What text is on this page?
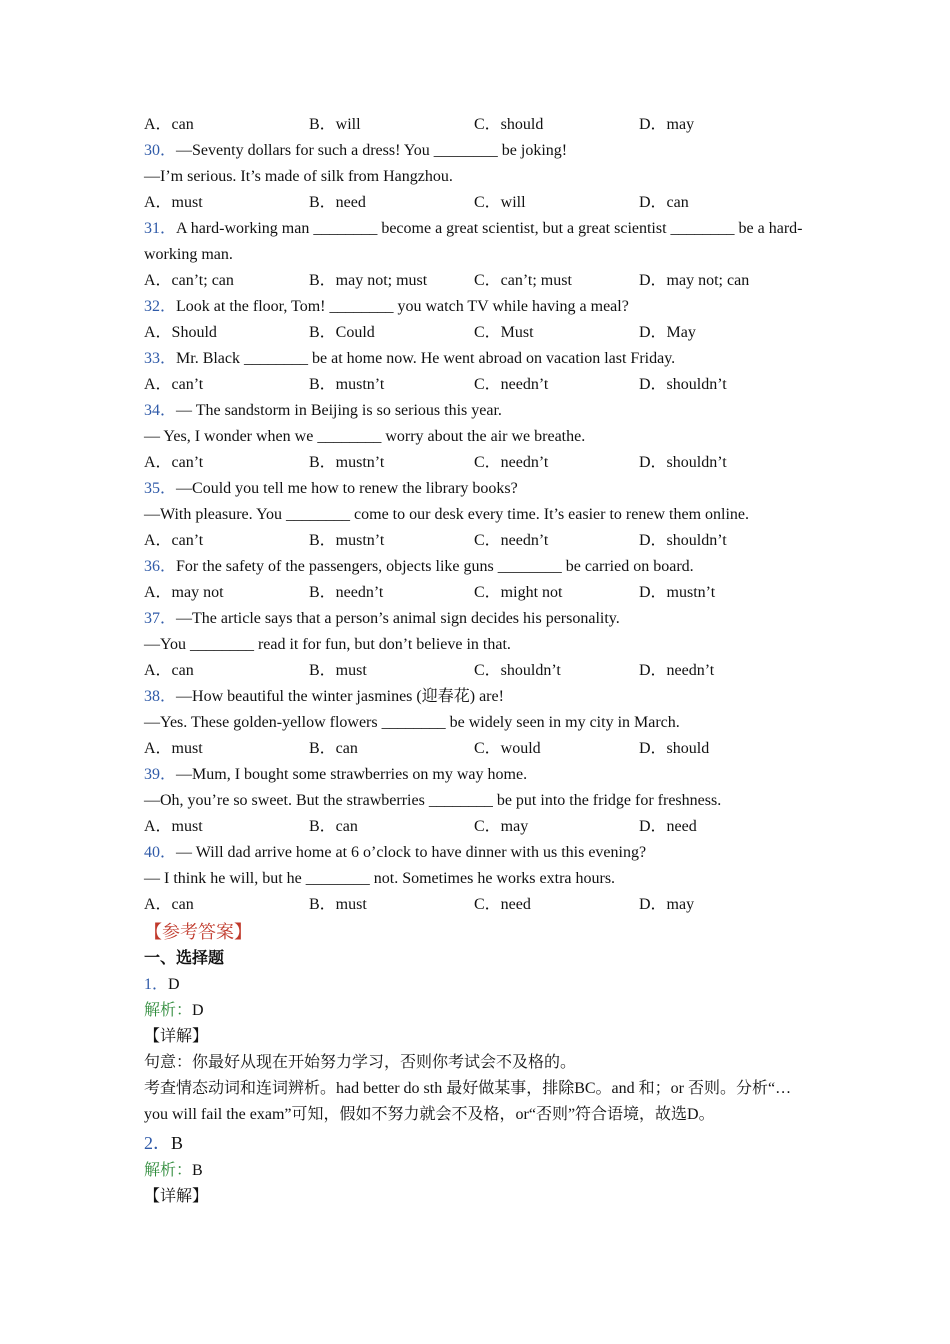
A．can	B．will	C．should	D．may
30．—Seventy dollars for such a dress! You ________ be joking!
—I’m serious. It’s made of silk from Hangzhou.
A．must	B．need	C．will	D．can
31．A hard-working man ________ become a great scientist, but a great scientist ________ be a hard-working man.
A．can’t; can	B．may not; must	C．can’t; must	D．may not; can
32．Look at the floor, Tom! ________ you watch TV while having a meal?
A．Should	B．Could	C．Must	D．May
33．Mr. Black ________ be at home now. He went abroad on vacation last Friday.
A．can’t	B．mustn’t	C．needn’t	D．shouldn’t
34．— The sandstorm in Beijing is so serious this year.
— Yes, I wonder when we ________ worry about the air we breathe.
A．can’t	B．mustn’t	C．needn’t	D．shouldn’t
35．—Could you tell me how to renew the library books?
—With pleasure. You ________ come to our desk every time. It’s easier to renew them online.
A．can’t	B．mustn’t	C．needn’t	D．shouldn’t
36．For the safety of the passengers, objects like guns ________ be carried on board.
A．may not	B．needn’t	C．might not	D．mustn’t
37．—The article says that a person’s animal sign decides his personality.
—You ________ read it for fun, but don’t believe in that.
A．can	B．must	C．shouldn’t	D．needn’t
38．—How beautiful the winter jasmines (迎春花) are!
—Yes. These golden-yellow flowers ________ be widely seen in my city in March.
A．must	B．can	C．would	D．should
39．—Mum, I bought some strawberries on my way home.
—Oh, you’re so sweet. But the strawberries ________ be put into the fridge for freshness.
A．must	B．can	C．may	D．need
40．— Will dad arrive home at 6 o’clock to have dinner with us this evening?
— I think he will, but he ________ not. Sometimes he works extra hours.
A．can	B．must	C．need	D．may
【参考答案】
一、选择题
1．D
解析：D
【详解】
句意：你最好从现在开始努力学习，否则你考试会不及格的。
考查情态动词和连词辨析。had better do sth 最好做某事，排除BC。and 和；or 否则。分析“…you will fail the exam”可知，假如不努力就会不及格，or“否则”符合语境，故选D。
2．B
解析：B
【详解】
